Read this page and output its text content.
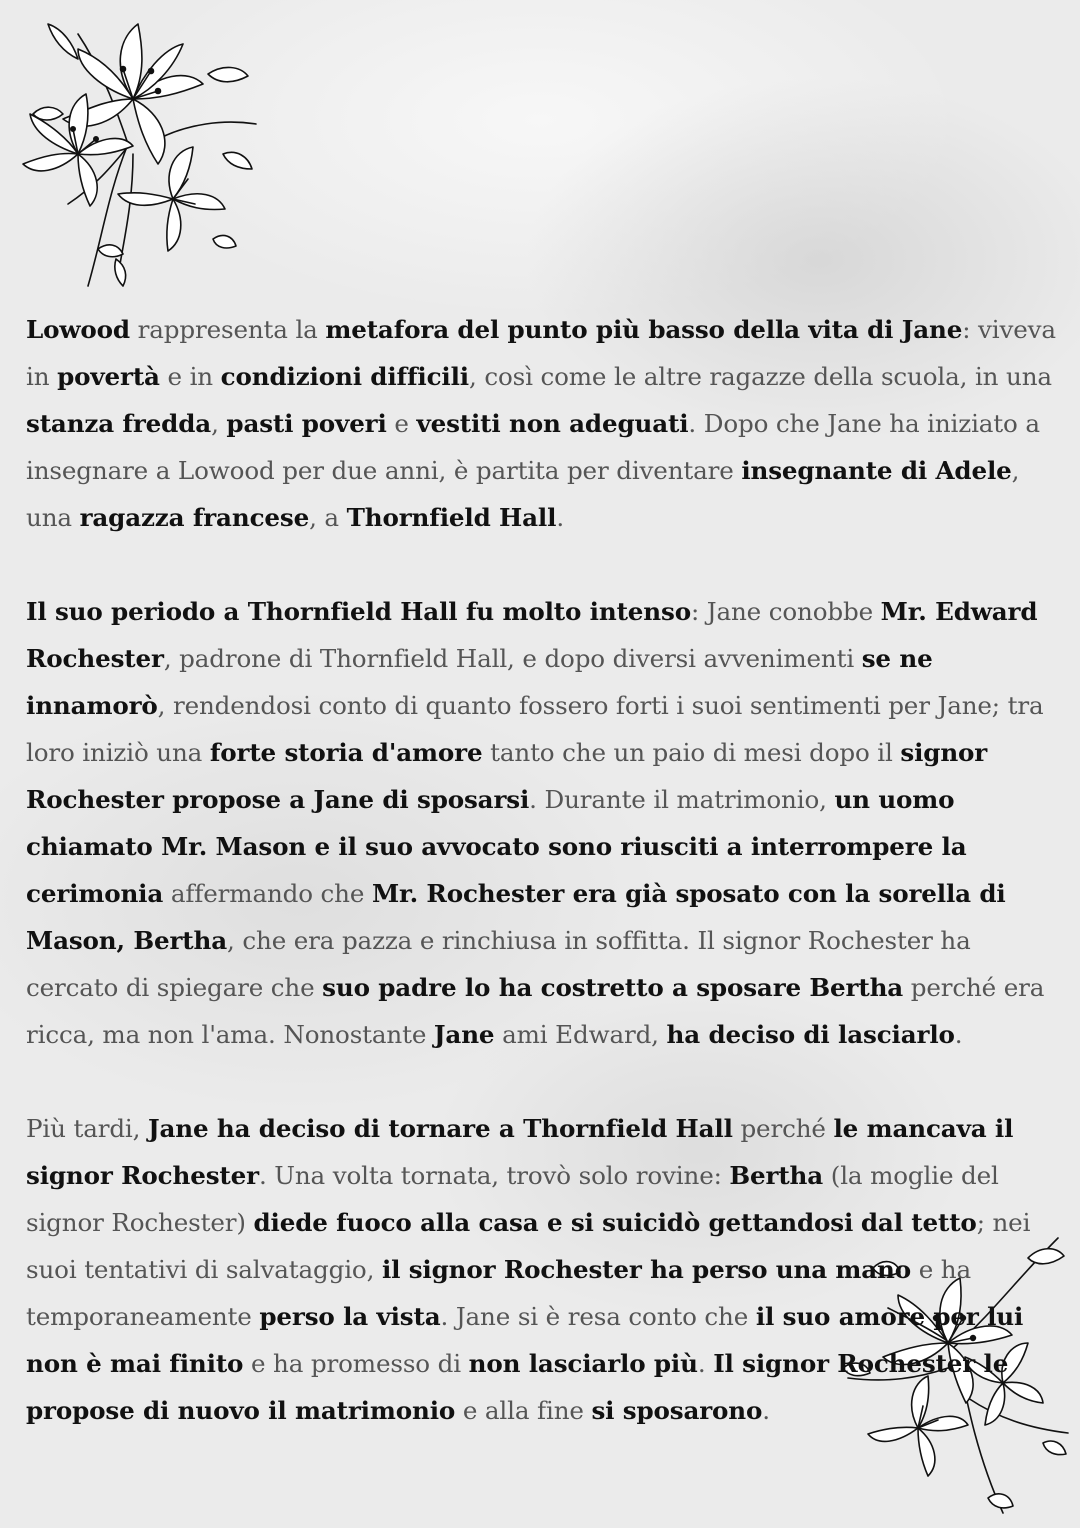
Lowood rappresenta la metafora del punto più basso della vita di Jane: viveva in povertà e in condizioni difficili, così come le altre ragazze della scuola, in una stanza fredda, pasti poveri e vestiti non adeguati. Dopo che Jane ha iniziato a insegnare a Lowood per due anni, è partita per diventare insegnante di Adele, una ragazza francese, a Thornfield Hall.

Il suo periodo a Thornfield Hall fu molto intenso: Jane conobbe Mr. Edward Rochester, padrone di Thornfield Hall, e dopo diversi avvenimenti se ne innamorò, rendendosi conto di quanto fossero forti i suoi sentimenti per Jane; tra loro iniziò una forte storia d'amore tanto che un paio di mesi dopo il signor Rochester propose a Jane di sposarsi. Durante il matrimonio, un uomo chiamato Mr. Mason e il suo avvocato sono riusciti a interrompere la cerimonia affermando che Mr. Rochester era già sposato con la sorella di Mason, Bertha, che era pazza e rinchiusa in soffitta. Il signor Rochester ha cercato di spiegare che suo padre lo ha costretto a sposare Bertha perché era ricca, ma non l'ama. Nonostante Jane ami Edward, ha deciso di lasciarlo.

Più tardi, Jane ha deciso di tornare a Thornfield Hall perché le mancava il signor Rochester. Una volta tornata, trovò solo rovine: Bertha (la moglie del signor Rochester) diede fuoco alla casa e si suicidò gettandosi dal tetto; nei suoi tentativi di salvataggio, il signor Rochester ha perso una mano e ha temporaneamente perso la vista. Jane si è resa conto che il suo amore per lui non è mai finito e ha promesso di non lasciarlo più. Il signor Rochester le propose di nuovo il matrimonio e alla fine si sposarono.
